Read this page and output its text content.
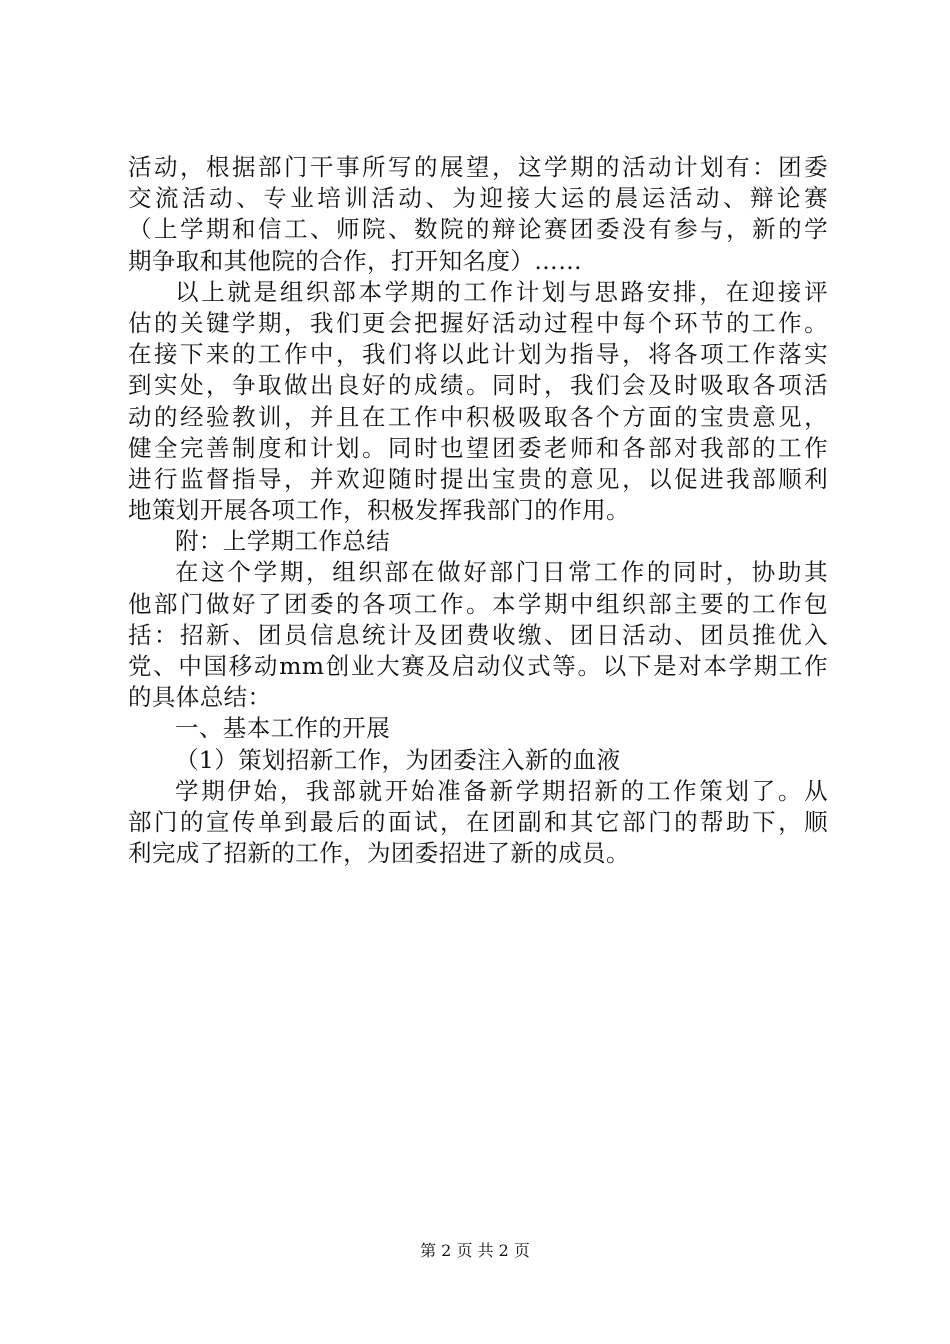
活动，根据部门干事所写的展望，这学期的活动计划有：团委
交流活动、专业培训活动、为迎接大运的晨运活动、辩论赛
（上学期和信工、师院、数院的辩论赛团委没有参与，新的学
期争取和其他院的合作，打开知名度）……
以上就是组织部本学期的工作计划与思路安排，在迎接评
估的关键学期，我们更会把握好活动过程中每个环节的工作。
在接下来的工作中，我们将以此计划为指导，将各项工作落实
到实处，争取做出良好的成绩。同时，我们会及时吸取各项活
动的经验教训，并且在工作中积极吸取各个方面的宝贵意见，
健全完善制度和计划。同时也望团委老师和各部对我部的工作
进行监督指导，并欢迎随时提出宝贵的意见，以促进我部顺利
地策划开展各项工作，积极发挥我部门的作用。
附：上学期工作总结
在这个学期，组织部在做好部门日常工作的同时，协助其
他部门做好了团委的各项工作。本学期中组织部主要的工作包
括：招新、团员信息统计及团费收缴、团日活动、团员推优入
党、中国移动mm创业大赛及启动仪式等。以下是对本学期工作
的具体总结：
一、基本工作的开展
（1）策划招新工作，为团委注入新的血液
学期伊始，我部就开始准备新学期招新的工作策划了。从
部门的宣传单到最后的面试，在团副和其它部门的帮助下，顺
利完成了招新的工作，为团委招进了新的成员。
第 2 页 共 2 页
